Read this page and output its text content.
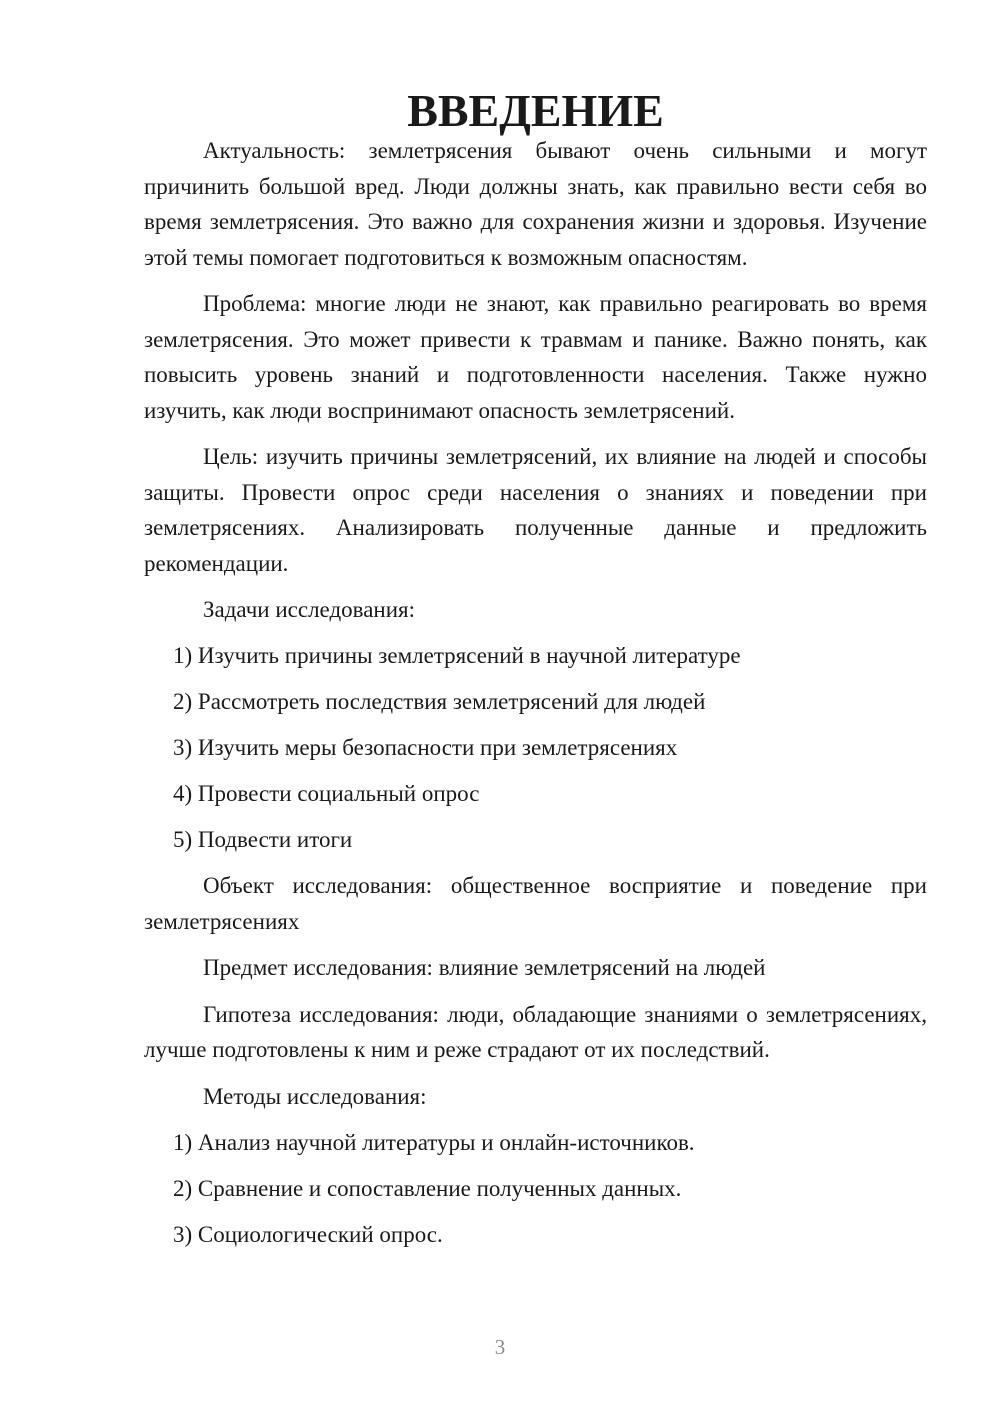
ВВЕДЕНИЕ

Актуальность: землетрясения бывают очень сильными и могут причинить большой вред. Люди должны знать, как правильно вести себя во время землетрясения. Это важно для сохранения жизни и здоровья. Изучение этой темы помогает подготовиться к возможным опасностям.

Проблема: многие люди не знают, как правильно реагировать во время землетрясения. Это может привести к травмам и панике. Важно понять, как повысить уровень знаний и подготовленности населения. Также нужно изучить, как люди воспринимают опасность землетрясений.

Цель: изучить причины землетрясений, их влияние на людей и способы защиты. Провести опрос среди населения о знаниях и поведении при землетрясениях. Анализировать полученные данные и предложить рекомендации.

Задачи исследования:
1) Изучить причины землетрясений в научной литературе
2) Рассмотреть последствия землетрясений для людей
3) Изучить меры безопасности при землетрясениях
4) Провести социальный опрос
5) Подвести итоги

Объект исследования: общественное восприятие и поведение при землетрясениях

Предмет исследования: влияние землетрясений на людей

Гипотеза исследования: люди, обладающие знаниями о землетрясениях, лучше подготовлены к ним и реже страдают от их последствий.

Методы исследования:
1) Анализ научной литературы и онлайн-источников.
2) Сравнение и сопоставление полученных данных.
3) Социологический опрос.
3
